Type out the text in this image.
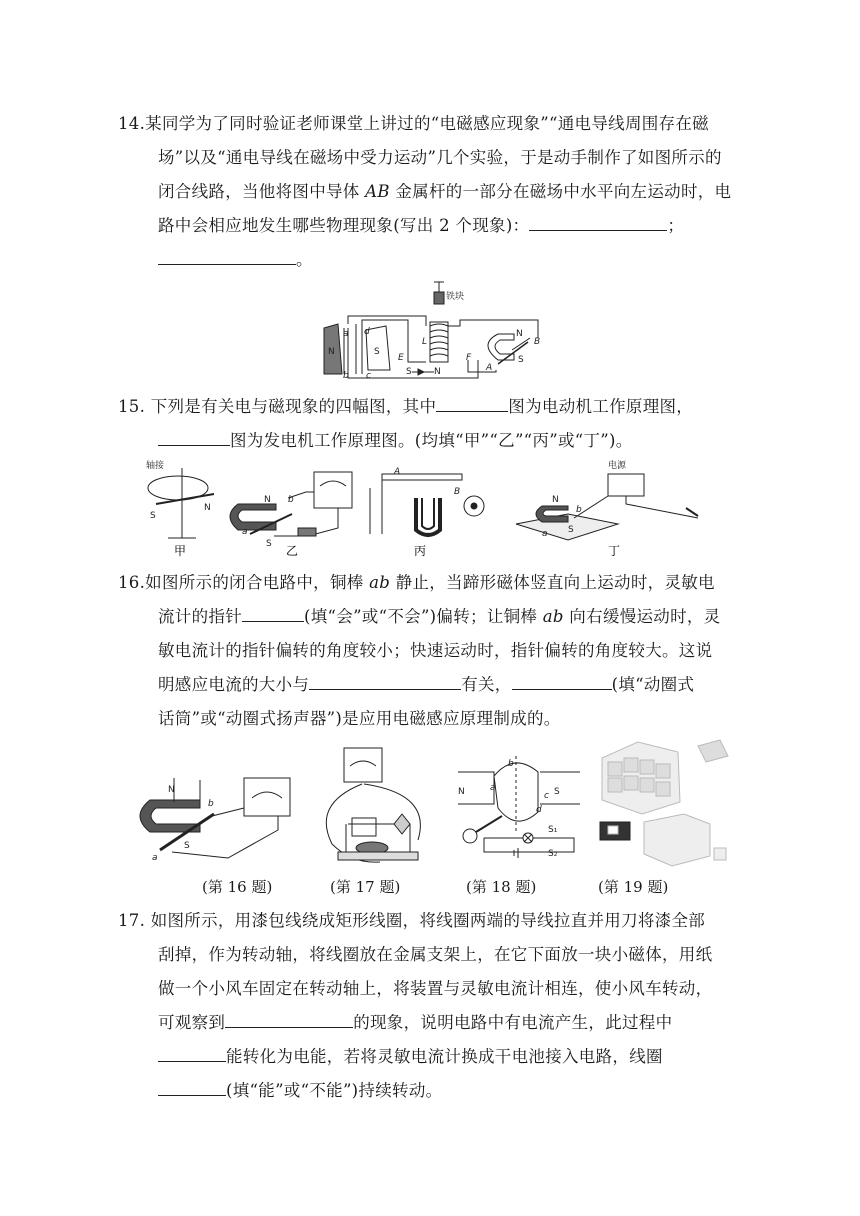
14.某同学为了同时验证老师课堂上讲过的“电磁感应现象”“通电导线周围存在磁
场”以及“通电导线在磁场中受力运动”几个实验，于是动手制作了如图所示的
闭合线路，当他将图中导体 AB 金属杆的一部分在磁场中水平向左运动时，电
路中会相应地发生哪些物理现象(写出 2 个现象)：	；
。
铁块
N	S
a
b c
d
L
E	F
A
B
N
S
S N
15. 下列是有关电与磁现象的四幅图，其中	图为电动机工作原理图，
图为发电机工作原理图。(均填“甲”“乙”“丙”或“丁”)。
轴接
S
N
N
S
a
b
A
B
电源
N
S
a
b
甲	乙	丙	丁
16.如图所示的闭合电路中，铜棒 ab 静止，当蹄形磁体竖直向上运动时，灵敏电
流计的指针	(填“会”或“不会”)偏转；让铜棒 ab 向右缓慢运动时，灵
敏电流计的指针偏转的角度较小；快速运动时，指针偏转的角度较大。这说
明感应电流的大小与	有关，	(填“动圈式
话筒”或“动圈式扬声器”)是应用电磁感应原理制成的。
N
S
a
b
N	S
a
b
c
d
S₁
S₂
(第 16 题)	(第 17 题)	(第 18 题)	(第 19 题)
17. 如图所示，用漆包线绕成矩形线圈，将线圈两端的导线拉直并用刀将漆全部
刮掉，作为转动轴，将线圈放在金属支架上，在它下面放一块小磁体，用纸
做一个小风车固定在转动轴上，将装置与灵敏电流计相连，使小风车转动，
可观察到	的现象，说明电路中有电流产生，此过程中
能转化为电能，若将灵敏电流计换成干电池接入电路，线圈
(填“能”或“不能”)持续转动。
